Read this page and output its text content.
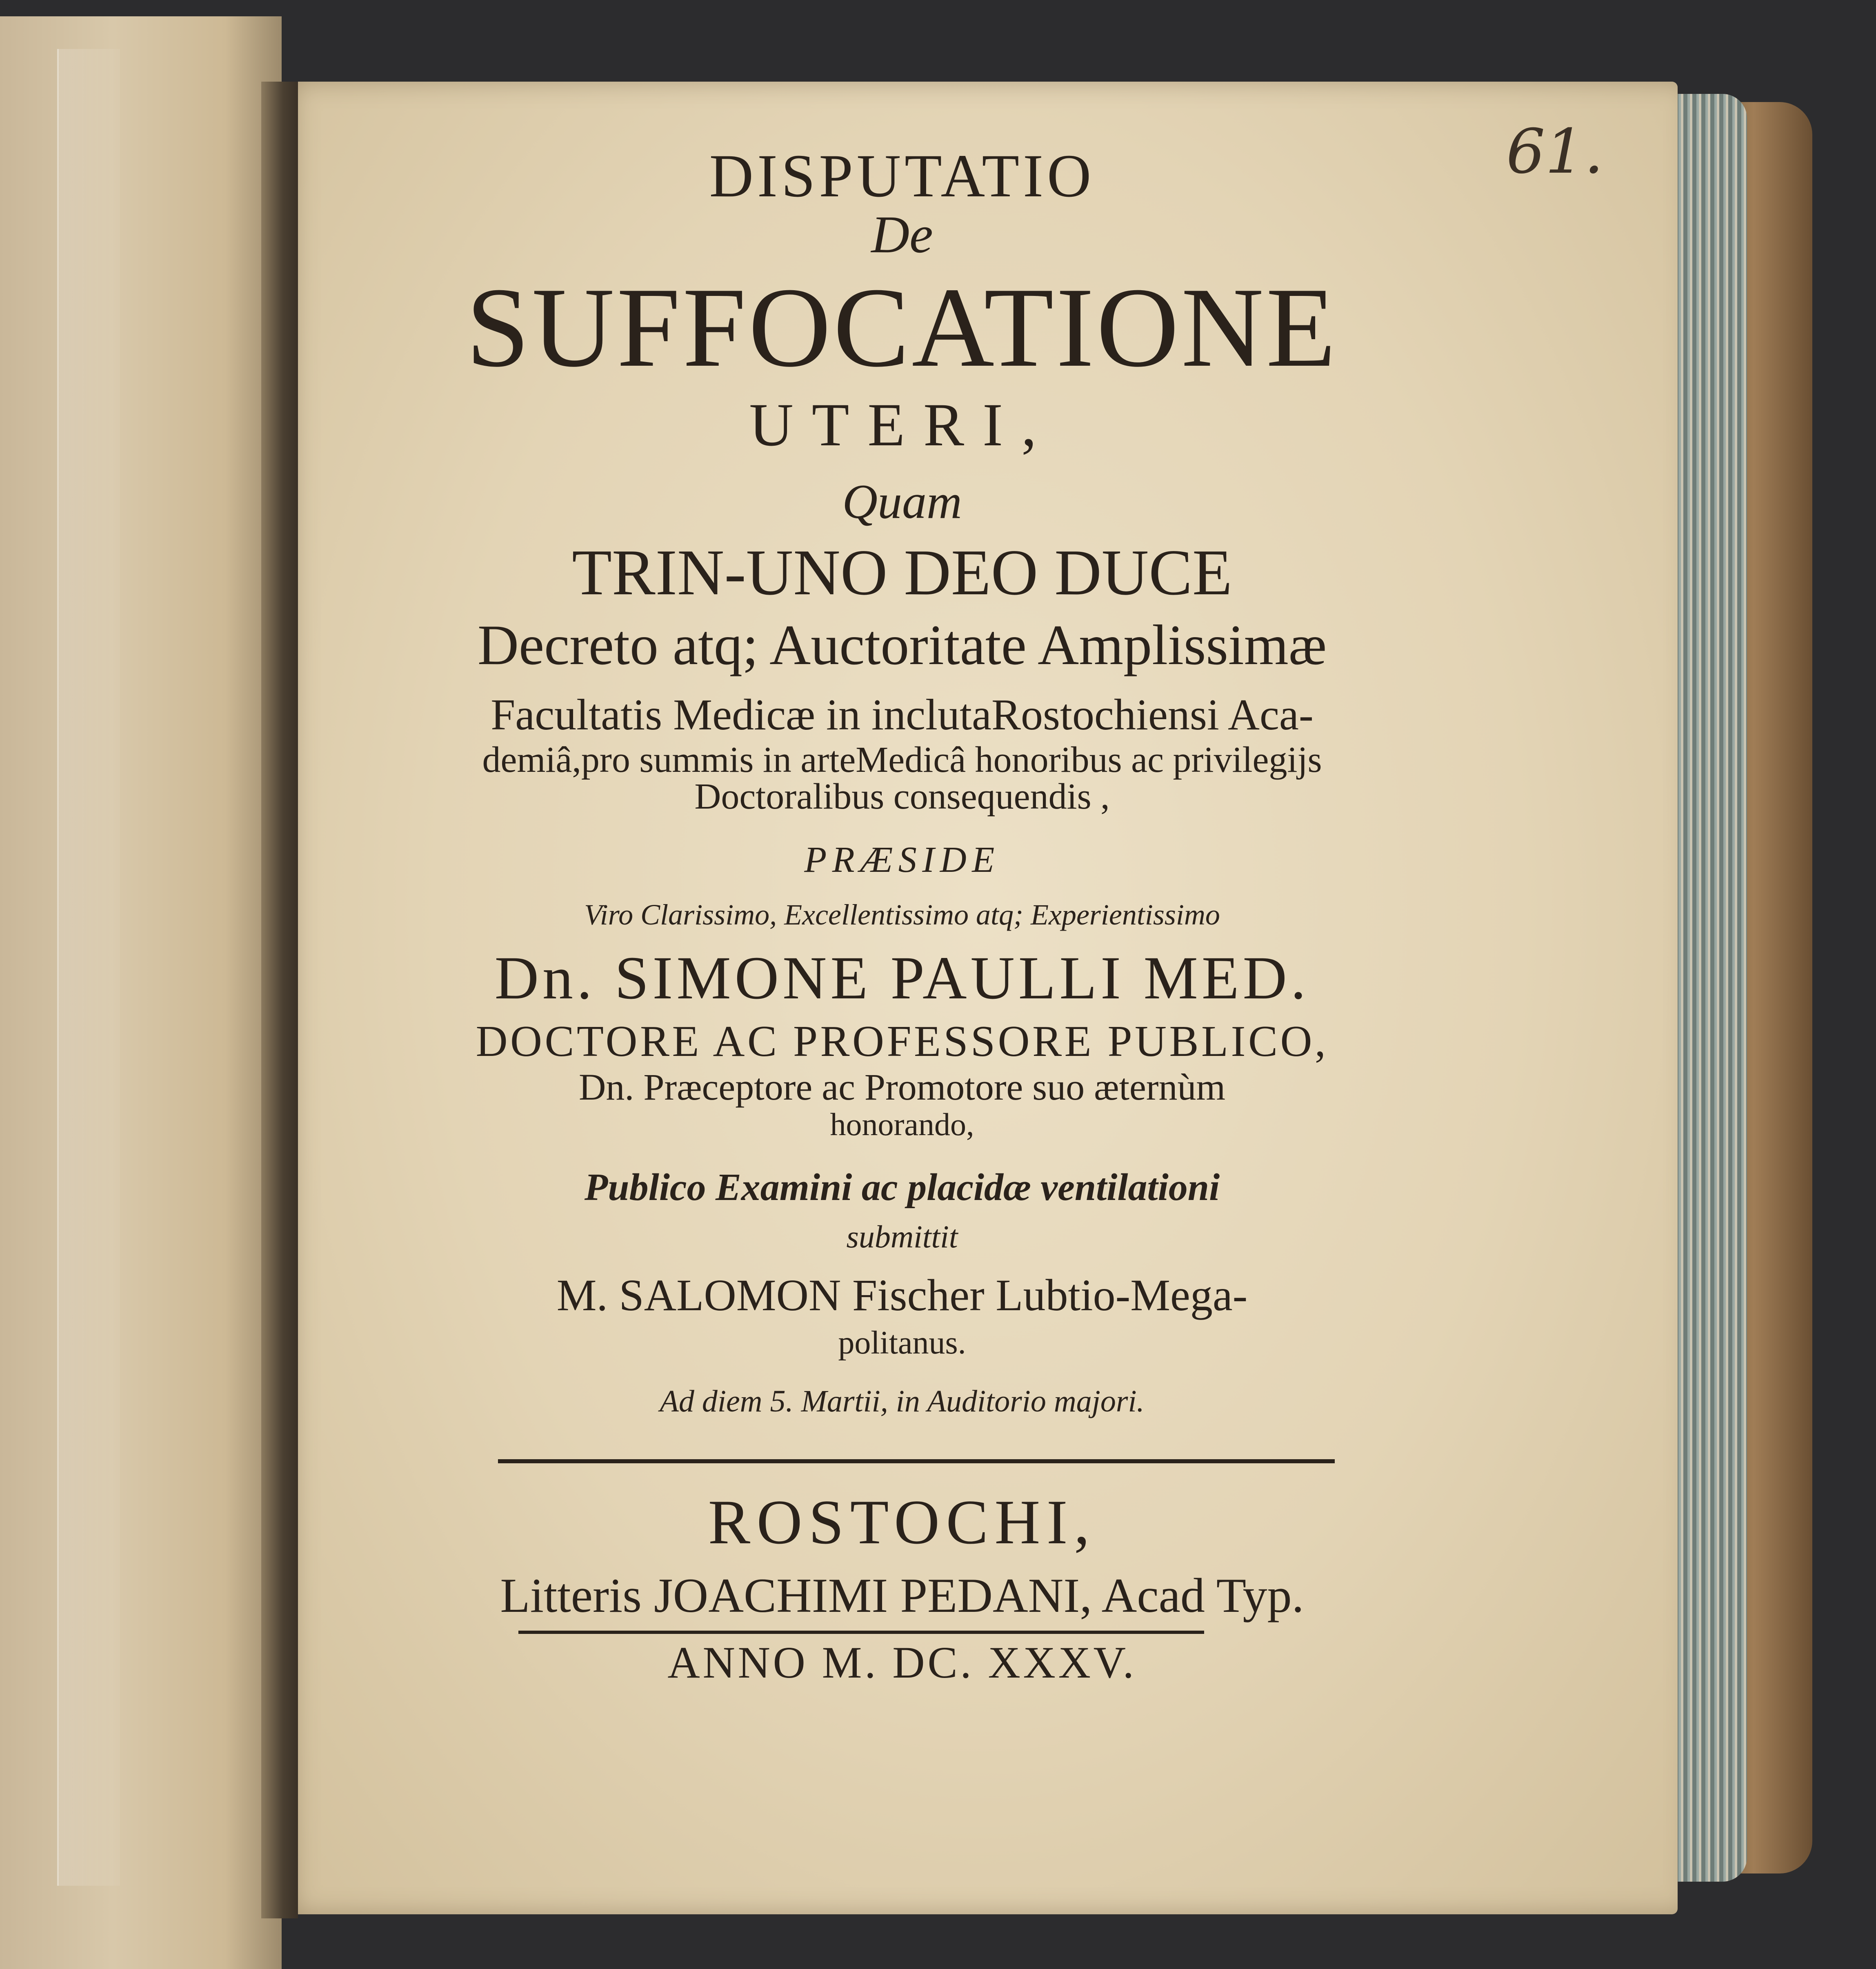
61.
DISPUTATIO
De
SUFFOCATIONE
UTERI,
Quam
TRIN-UNO DEO DUCE
Decreto atq; Auctoritate Amplissimæ
Facultatis Medicæ in inclutaRostochiensi Aca-
demiâ,pro summis in arteMedicâ honoribus ac privilegijs
Doctoralibus consequendis ,
PRÆSIDE
Viro Clarissimo, Excellentissimo atq; Experientissimo
Dn. SIMONE PAULLI MED.
DOCTORE AC PROFESSORE PUBLICO,
Dn. Præceptore ac Promotore suo æternùm
honorando,
Publico Examini ac placidæ ventilationi
submittit
M. SALOMON Fischer Lubtio-Mega-
politanus.
Ad diem 5. Martii, in Auditorio majori.
ROSTOCHI,
Litteris JOACHIMI PEDANI, Acad Typ.
ANNO M. DC. XXXV.
